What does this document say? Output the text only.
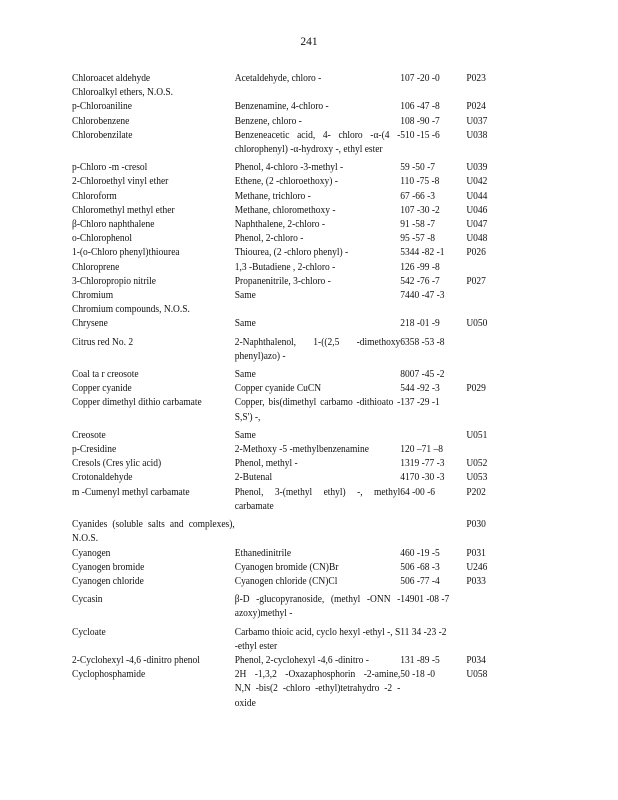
241
Chloroacet aldehyde	Acetaldehyde, chloro -	107 -20 -0	P023
Chloroalkyl ethers, N.O.S.			
p-Chloroaniline	Benzenamine, 4-chloro -	106 -47 -8	P024
Chlorobenzene	Benzene, chloro -	108 -90 -7	U037
Chlorobenzilate	Benzeneacetic acid, 4- chloro -α-(4 -chlorophenyl) -α-hydroxy -, ethyl ester	510 -15 -6	U038

p-Chloro -m -cresol	Phenol, 4-chloro -3-methyl -	59 -50 -7	U039
2-Chloroethyl vinyl ether	Ethene, (2 -chloroethoxy) -	110 -75 -8	U042
Chloroform	Methane, trichloro -	67 -66 -3	U044
Chloromethyl methyl ether	Methane, chloromethoxy -	107 -30 -2	U046
β-Chloro naphthalene	Naphthalene, 2-chloro -	91 -58 -7	U047
o-Chlorophenol	Phenol, 2-chloro -	95 -57 -8	U048
1-(o-Chloro phenyl)thiourea	Thiourea, (2 -chloro phenyl) -	5344 -82 -1	P026
Chloroprene	1,3 -Butadiene , 2-chloro -	126 -99 -8	
3-Chloropropio nitrile	Propanenitrile, 3-chloro -	542 -76 -7	P027
Chromium	Same	7440 -47 -3	
Chromium compounds, N.O.S.			
Chrysene	Same	218 -01 -9	U050

Citrus red No. 2	2-Naphthalenol, 1-((2,5 -dimethoxy phenyl)azo) -	6358 -53 -8	

Coal ta r creosote	Same	8007 -45 -2	
Copper cyanide	Copper cyanide CuCN	544 -92 -3	P029
Copper dimethyl dithio carbamate	Copper, bis(dimethyl carbamo -dithioato -S,S') -,	137 -29 -1	

Creosote	Same		U051
p-Cresidine	2-Methoxy -5 -methylbenzenamine	120 –71 –8	
Cresols (Cres ylic acid)	Phenol, methyl -	1319 -77 -3	U052
Crotonaldehyde	2-Butenal	4170 -30 -3	U053
m -Cumenyl methyl carbamate	Phenol, 3-(methyl ethyl) -, methyl carbamate	64 -00 -6	P202

Cyanides (soluble salts and complexes), N.O.S.			P030
Cyanogen	Ethanedinitrile	460 -19 -5	P031
Cyanogen bromide	Cyanogen bromide (CN)Br	506 -68 -3	U246
Cyanogen chloride	Cyanogen chloride (CN)Cl	506 -77 -4	P033

Cycasin	β-D -glucopyranoside, (methyl -ONN -azoxy)methyl -	14901 -08 -7	

Cycloate	Carbamo thioic acid, cyclo hexyl -ethyl -, S -ethyl ester	11 34 -23 -2	
2-Cyclohexyl -4,6 -dinitro phenol	Phenol, 2-cyclohexyl -4,6 -dinitro -	131 -89 -5	P034
Cyclophosphamide	2H -1,3,2 -Oxazaphosphorin -2-amine, N,N -bis(2 -chloro -ethyl)tetrahydro -2 -oxide	50 -18 -0	U058
